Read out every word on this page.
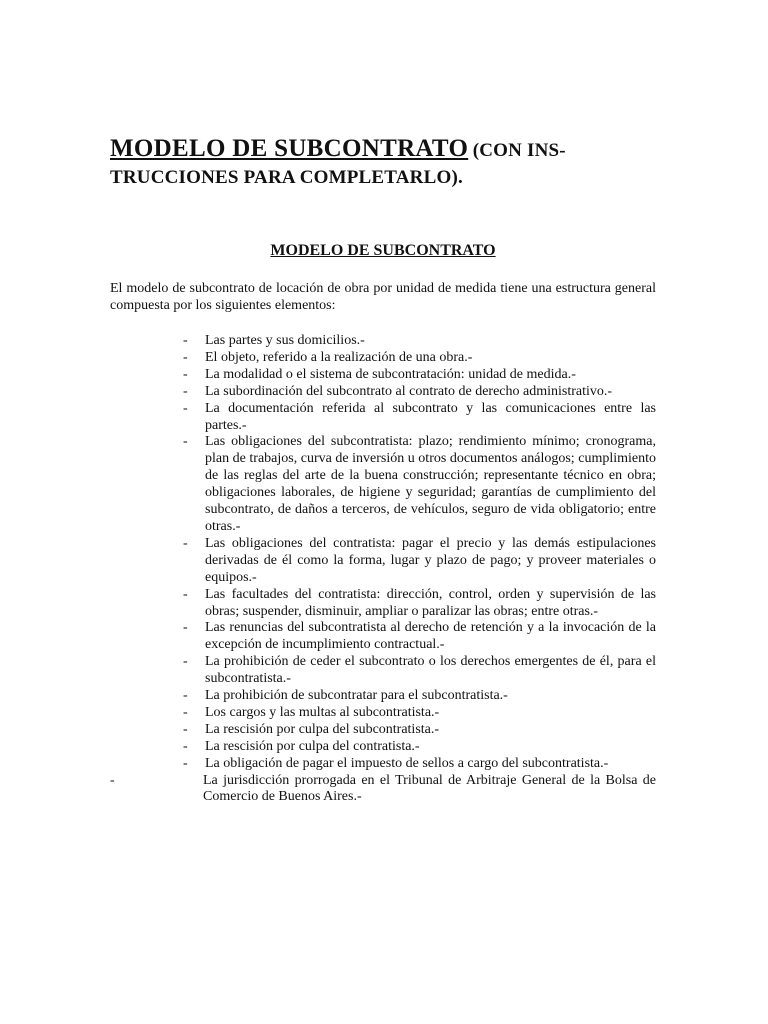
MODELO DE SUBCONTRATO (CON INS-TRUCCIONES PARA COMPLETARLO).
MODELO DE SUBCONTRATO

El modelo de subcontrato de locación de obra por unidad de medida tiene una estructura general compuesta por los siguientes elementos:

- Las partes y sus domicilios.-
- El objeto, referido a la realización de una obra.-
- La modalidad o el sistema de subcontratación: unidad de medida.-
- La subordinación del subcontrato al contrato de derecho administrativo.-
- La documentación referida al subcontrato y las comunicaciones entre las partes.-
- Las obligaciones del subcontratista: plazo; rendimiento mínimo; cronograma, plan de trabajos, curva de inversión u otros documentos análogos; cumplimiento de las reglas del arte de la buena construcción; representante técnico en obra; obligaciones laborales, de higiene y seguridad; garantías de cumplimiento del subcontrato, de daños a terceros, de vehículos, seguro de vida obligatorio; entre otras.-
- Las obligaciones del contratista: pagar el precio y las demás estipulaciones derivadas de él como la forma, lugar y plazo de pago; y proveer materiales o equipos.-
- Las facultades del contratista: dirección, control, orden y supervisión de las obras; suspender, disminuir, ampliar o paralizar las obras; entre otras.-
- Las renuncias del subcontratista al derecho de retención y a la invocación de la excepción de incumplimiento contractual.-
- La prohibición de ceder el subcontrato o los derechos emergentes de él, para el subcontratista.-
- La prohibición de subcontratar para el subcontratista.-
- Los cargos y las multas al subcontratista.-
- La rescisión por culpa del subcontratista.-
- La rescisión por culpa del contratista.-
- La obligación de pagar el impuesto de sellos a cargo del subcontratista.-
-	La jurisdicción prorrogada en el Tribunal de Arbitraje General de la Bolsa de Comercio de Buenos Aires.-
